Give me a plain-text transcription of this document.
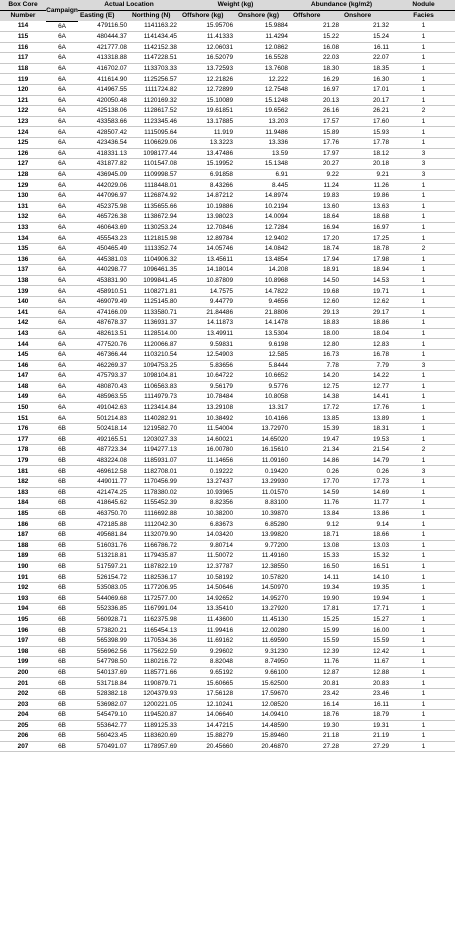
Box Core	Campaign	Actual Location		Weight (kg)		Abundance (kg/m2)		Nodule
Number		Easting (E)	Northing (N)	Offshore (kg)	Onshore (kg)	Offshore	Onshore	Facies
114	6A	479116.50	1141163.22	15.95706	15.9884	21.28	21.32	1
115	6A	480444.37	1141434.45	11.41333	11.4294	15.22	15.24	1
116	6A	421777.08	1142152.38	12.06031	12.0862	16.08	16.11	1
117	6A	413318.88	1147228.51	16.52079	16.5528	22.03	22.07	1
118	6A	416702.07	1133703.33	13.72593	13.7608	18.30	18.35	1
119	6A	411614.90	1125256.57	12.21826	12.222	16.29	16.30	1
120	6A	414967.55	1111724.82	12.72899	12.7548	16.97	17.01	1
121	6A	420050.48	1120169.32	15.10089	15.1248	20.13	20.17	1
122	6A	425138.06	1128617.52	19.61851	19.6562	26.16	26.21	2
123	6A	433583.66	1123345.46	13.17885	13.203	17.57	17.60	1
124	6A	428507.42	1115095.64	11.919	11.9486	15.89	15.93	1
125	6A	423436.54	1106629.06	13.3223	13.336	17.76	17.78	1
126	6A	418331.13	1098177.44	13.47486	13.59	17.97	18.12	3
127	6A	431877.82	1101547.08	15.19952	15.1348	20.27	20.18	3
128	6A	436945.09	1109998.57	6.91858	6.91	9.22	9.21	3
129	6A	442029.06	1118448.01	8.43266	8.445	11.24	11.26	1
130	6A	447096.97	1126874.92	14.87212	14.8974	19.83	19.86	1
131	6A	452375.98	1135655.66	10.19886	10.2194	13.60	13.63	1
132	6A	465726.38	1138672.94	13.98023	14.0094	18.64	18.68	1
133	6A	460643.69	1130253.24	12.70846	12.7284	16.94	16.97	1
134	6A	455543.23	1121815.98	12.89784	12.9402	17.20	17.25	1
135	6A	450465.49	1113352.74	14.05746	14.0842	18.74	18.78	2
136	6A	445381.03	1104906.32	13.45611	13.4854	17.94	17.98	1
137	6A	440298.77	1096461.35	14.18014	14.208	18.91	18.94	1
138	6A	453831.90	1099841.45	10.87809	10.8968	14.50	14.53	1
139	6A	458910.51	1108271.81	14.7575	14.7822	19.68	19.71	1
140	6A	469079.49	1125145.80	9.44779	9.4656	12.60	12.62	1
141	6A	474166.09	1133580.71	21.84486	21.8806	29.13	29.17	1
142	6A	487678.37	1136931.37	14.11873	14.1478	18.83	18.86	1
143	6A	482613.51	1128514.00	13.49911	13.5304	18.00	18.04	1
144	6A	477520.76	1120066.87	9.59831	9.6198	12.80	12.83	1
145	6A	467366.44	1103210.54	12.54903	12.585	16.73	16.78	1
146	6A	462269.37	1094753.25	5.83656	5.8444	7.78	7.79	3
147	6A	475793.37	1098104.81	10.64722	10.6652	14.20	14.22	1
148	6A	480870.43	1106563.83	9.56179	9.5776	12.75	12.77	1
149	6A	485963.55	1114979.73	10.78484	10.8058	14.38	14.41	1
150	6A	491042.63	1123414.84	13.29108	13.317	17.72	17.76	1
151	6A	501214.83	1140282.91	10.38492	10.4166	13.85	13.89	1
176	6B	502418.14	1219582.70	11.54004	13.72970	15.39	18.31	1
177	6B	492165.51	1203027.33	14.60021	14.65020	19.47	19.53	1
178	6B	487723.34	1194277.13	16.00780	16.15610	21.34	21.54	2
179	6B	483224.08	1185931.07	11.14656	11.09160	14.86	14.79	1
181	6B	469612.58	1182708.01	0.19222	0.19420	0.26	0.26	3
182	6B	449011.77	1170456.99	13.27437	13.29930	17.70	17.73	1
183	6B	421474.25	1178380.02	10.93965	11.01570	14.59	14.69	1
184	6B	418645.62	1155452.39	8.82356	8.83100	11.76	11.77	1
185	6B	463750.70	1116692.88	10.38200	10.39870	13.84	13.86	1
186	6B	472185.88	1112042.30	6.83673	6.85280	9.12	9.14	1
187	6B	495681.84	1132079.90	14.03420	13.99820	18.71	18.66	1
188	6B	516031.76	1166786.72	9.80714	9.77200	13.08	13.03	1
189	6B	513218.81	1179435.87	11.50072	11.49160	15.33	15.32	1
190	6B	517597.21	1187822.19	12.37787	12.38550	16.50	16.51	1
191	6B	526154.72	1182536.17	10.58192	10.57820	14.11	14.10	1
192	6B	535083.05	1177206.95	14.50646	14.50970	19.34	19.35	1
193	6B	544069.68	1172577.00	14.92652	14.95270	19.90	19.94	1
194	6B	552336.85	1167991.04	13.35410	13.27920	17.81	17.71	1
195	6B	560928.71	1162375.98	11.43600	11.45130	15.25	15.27	1
196	6B	573820.21	1165454.13	11.99416	12.00280	15.99	16.00	1
197	6B	565398.99	1170534.36	11.69162	11.69590	15.59	15.59	1
198	6B	556962.56	1175622.59	9.29602	9.31230	12.39	12.42	1
199	6B	547798.50	1180216.72	8.82048	8.74950	11.76	11.67	1
200	6B	540137.69	1185771.66	9.65192	9.66100	12.87	12.88	1
201	6B	531718.84	1190879.71	15.60665	15.62500	20.81	20.83	1
202	6B	528382.18	1204379.93	17.56128	17.59670	23.42	23.46	1
203	6B	536982.07	1200221.05	12.10241	12.08520	16.14	16.11	1
204	6B	545479.10	1194520.87	14.06640	14.09410	18.76	18.79	1
205	6B	553642.77	1189125.33	14.47215	14.48590	19.30	19.31	1
206	6B	560423.45	1183620.69	15.88279	15.89460	21.18	21.19	1
207	6B	570491.07	1178957.69	20.45660	20.46870	27.28	27.29	1
